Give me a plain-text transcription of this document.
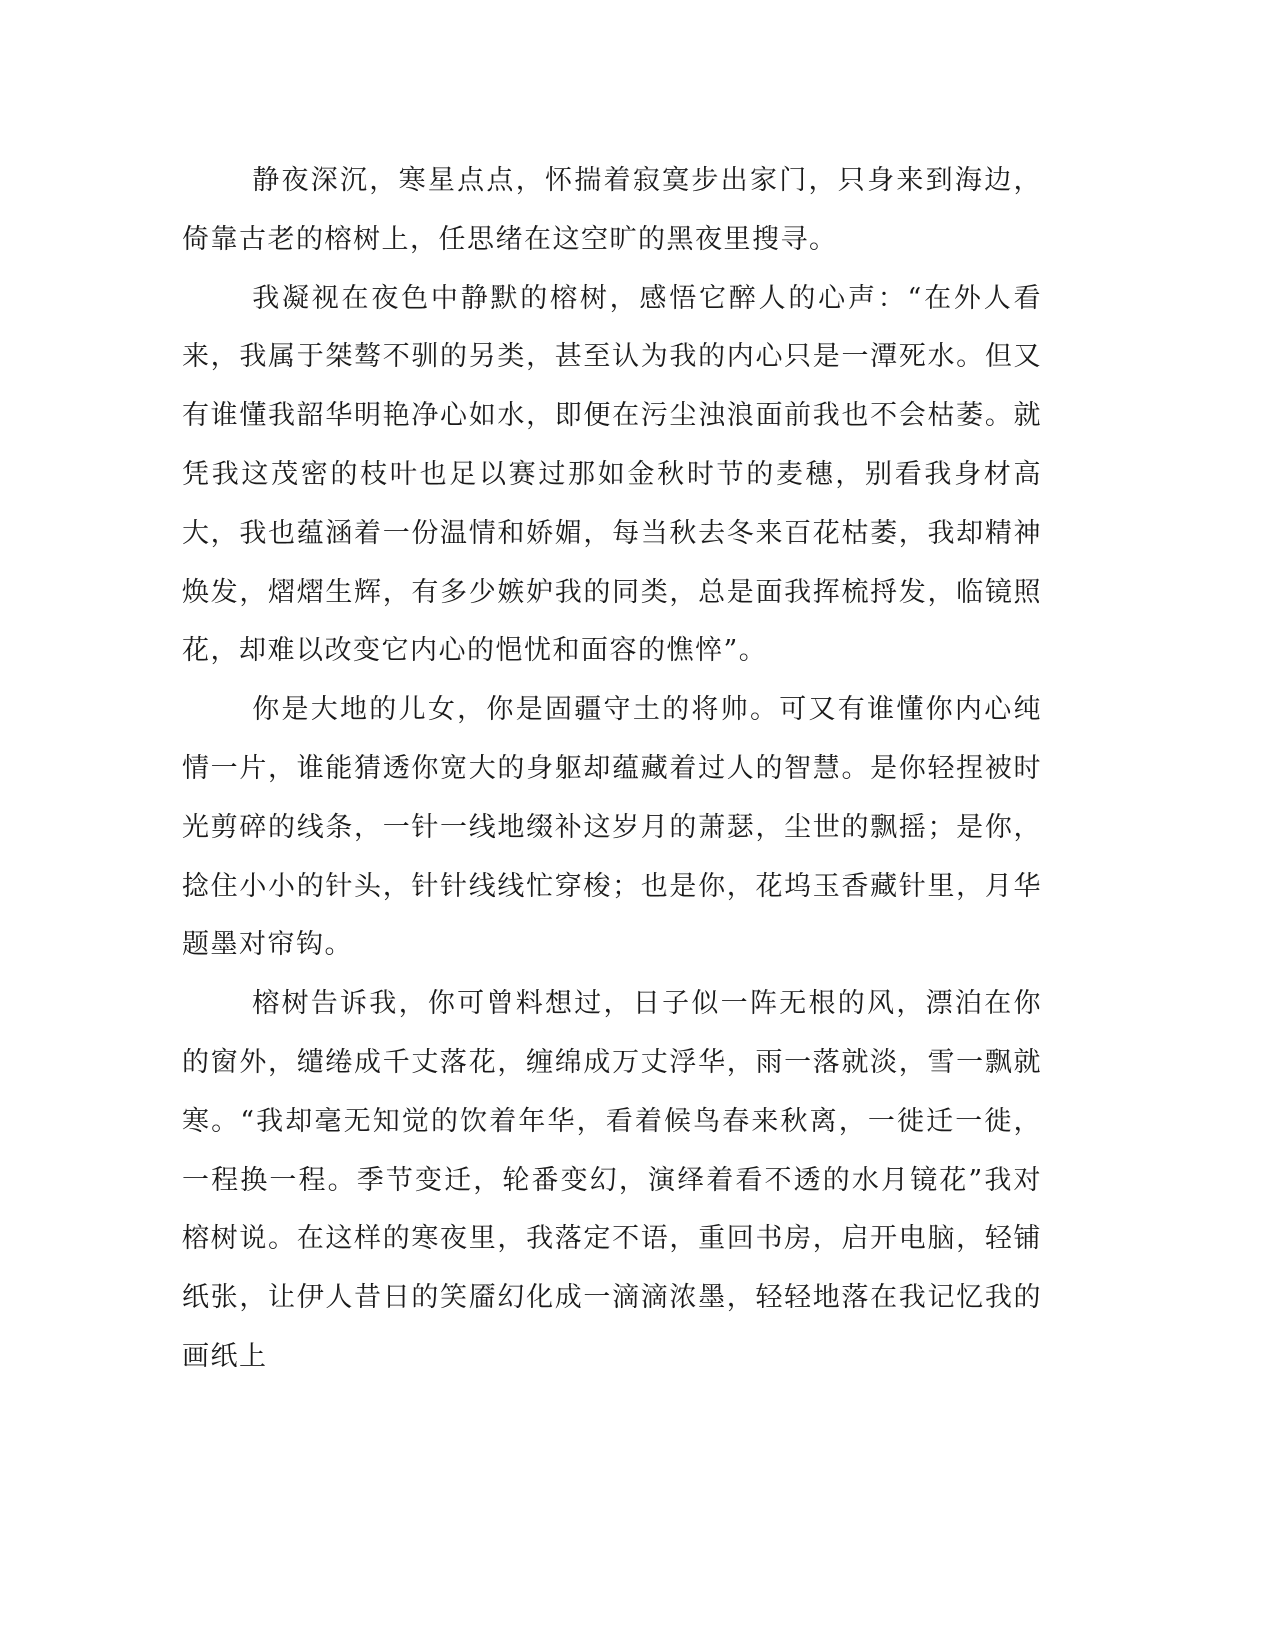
静夜深沉，寒星点点，怀揣着寂寞步出家门，只身来到海边，倚靠古老的榕树上，任思绪在这空旷的黑夜里搜寻。

我凝视在夜色中静默的榕树，感悟它醉人的心声：“在外人看来，我属于桀骜不驯的另类，甚至认为我的内心只是一潭死水。但又有谁懂我韶华明艳净心如水，即便在污尘浊浪面前我也不会枯萎。就凭我这茂密的枝叶也足以赛过那如金秋时节的麦穗，别看我身材高大，我也蕴涵着一份温情和娇媚，每当秋去冬来百花枯萎，我却精神焕发，熠熠生辉，有多少嫉妒我的同类，总是面我挥梳捋发，临镜照花，却难以改变它内心的悒忧和面容的憔悴”。

你是大地的儿女，你是固疆守土的将帅。可又有谁懂你内心纯情一片，谁能猜透你宽大的身躯却蕴藏着过人的智慧。是你轻捏被时光剪碎的线条，一针一线地缀补这岁月的萧瑟，尘世的飘摇；是你，捻住小小的针头，针针线线忙穿梭；也是你，花坞玉香藏针里，月华题墨对帘钩。

榕树告诉我，你可曾料想过，日子似一阵无根的风，漂泊在你的窗外，缱绻成千丈落花，缠绵成万丈浮华，雨一落就淡，雪一飘就寒。“我却毫无知觉的饮着年华，看着候鸟春来秋离，一徙迁一徙，一程换一程。季节变迁，轮番变幻，演绎着看不透的水月镜花”我对榕树说。在这样的寒夜里，我落定不语，重回书房，启开电脑，轻铺纸张，让伊人昔日的笑靥幻化成一滴滴浓墨，轻轻地落在我记忆我的画纸上
